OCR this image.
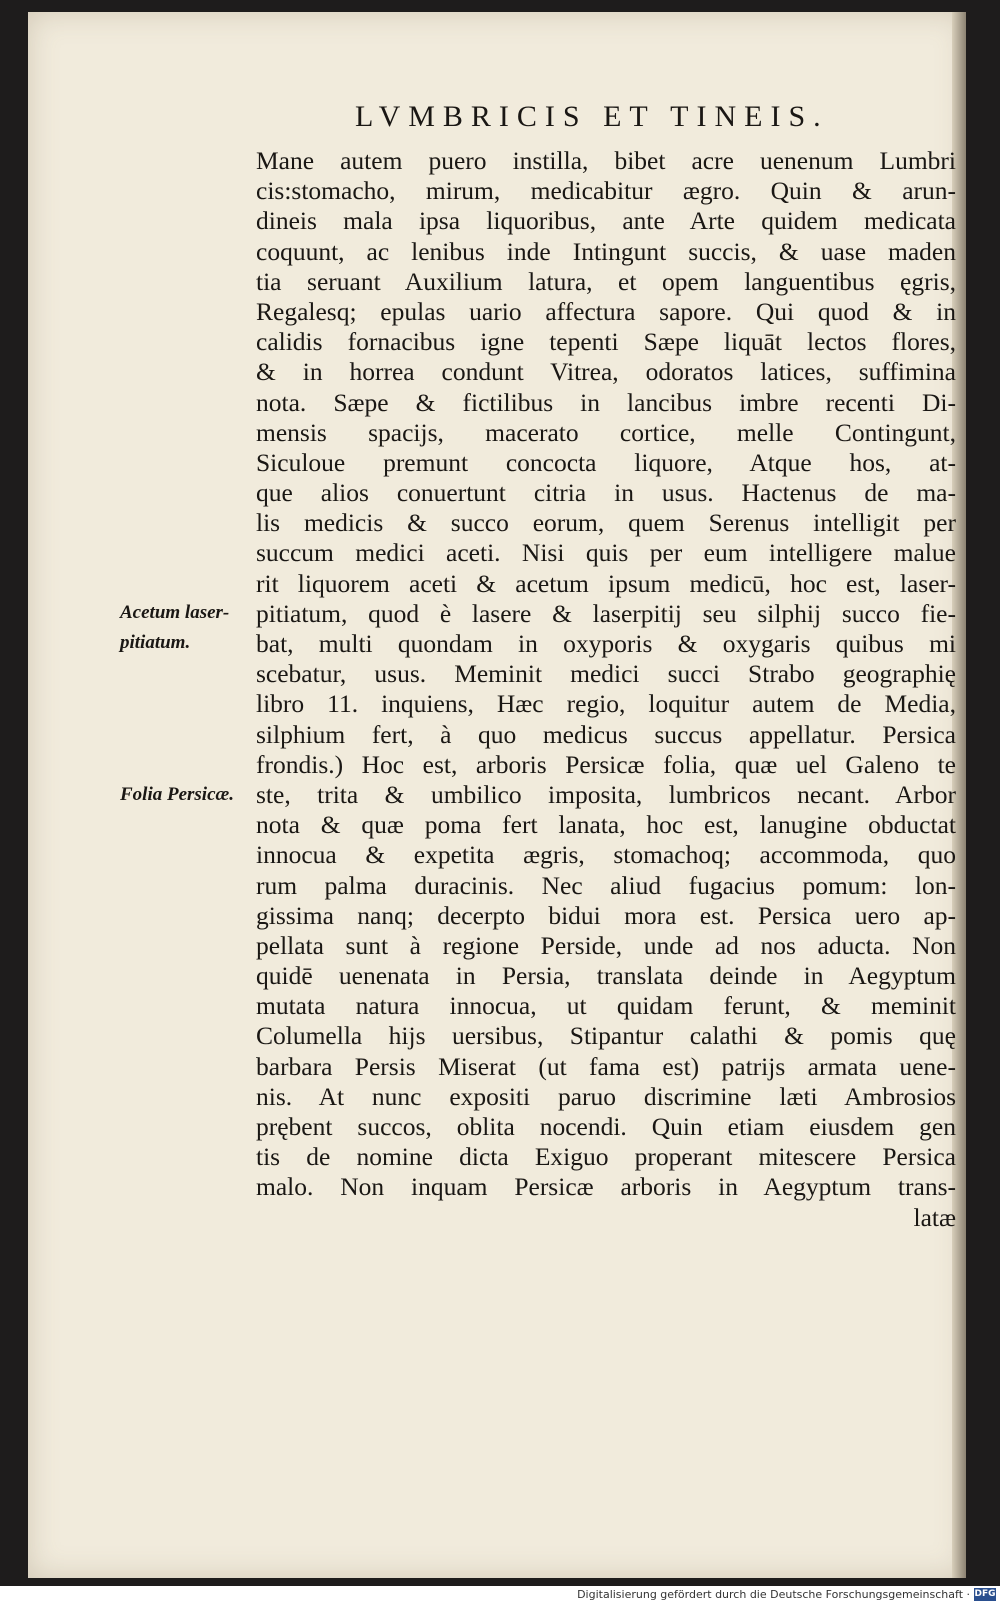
LVMBRICIS ET TINEIS.
Mane autem puero instilla, bibet acre uenenum Lumbri
cis:stomacho, mirum, medicabitur ægro. Quin & arun-
dineis mala ipsa liquoribus, ante Arte quidem medicata
coquunt, ac lenibus inde Intingunt succis, & uase maden
tia seruant Auxilium latura, et opem languentibus ęgris,
Regalesq; epulas uario affectura sapore. Qui quod & in
calidis fornacibus igne tepenti Sæpe liquāt lectos flores,
& in horrea condunt Vitrea, odoratos latices, suffimina
nota. Sæpe & fictilibus in lancibus imbre recenti Di-
mensis spacijs, macerato cortice, melle Contingunt,
Siculoue premunt concocta liquore, Atque hos, at-
que alios conuertunt citria in usus. Hactenus de ma-
lis medicis & succo eorum, quem Serenus intelligit per
succum medici aceti. Nisi quis per eum intelligere malue
rit liquorem aceti & acetum ipsum medicū, hoc est, laser-
pitiatum, quod è lasere & laserpitij seu silphij succo fie-
bat, multi quondam in oxyporis & oxygaris quibus mi
scebatur, usus. Meminit medici succi Strabo geographię
libro 11. inquiens, Hæc regio, loquitur autem de Media,
silphium fert, à quo medicus succus appellatur. Persica
frondis.) Hoc est, arboris Persicæ folia, quæ uel Galeno te
ste, trita & umbilico imposita, lumbricos necant. Arbor
nota & quæ poma fert lanata, hoc est, lanugine obductat
innocua & expetita ægris, stomachoq; accommoda, quo
rum palma duracinis. Nec aliud fugacius pomum: lon-
gissima nanq; decerpto bidui mora est. Persica uero ap-
pellata sunt à regione Perside, unde ad nos aducta. Non
quidē uenenata in Persia, translata deinde in Aegyptum
mutata natura innocua, ut quidam ferunt, & meminit
Columella hijs uersibus, Stipantur calathi & pomis quę
barbara Persis Miserat (ut fama est) patrijs armata uene-
nis. At nunc expositi paruo discrimine læti Ambrosios
prębent succos, oblita nocendi. Quin etiam eiusdem gen
tis de nomine dicta Exiguo properant mitescere Persica
malo. Non inquam Persicæ arboris in Aegyptum trans-
latæ
Acetum laser-
pitiatum.
Folia Persicæ.
Digitalisierung gefördert durch die Deutsche Forschungsgemeinschaft · DFG
